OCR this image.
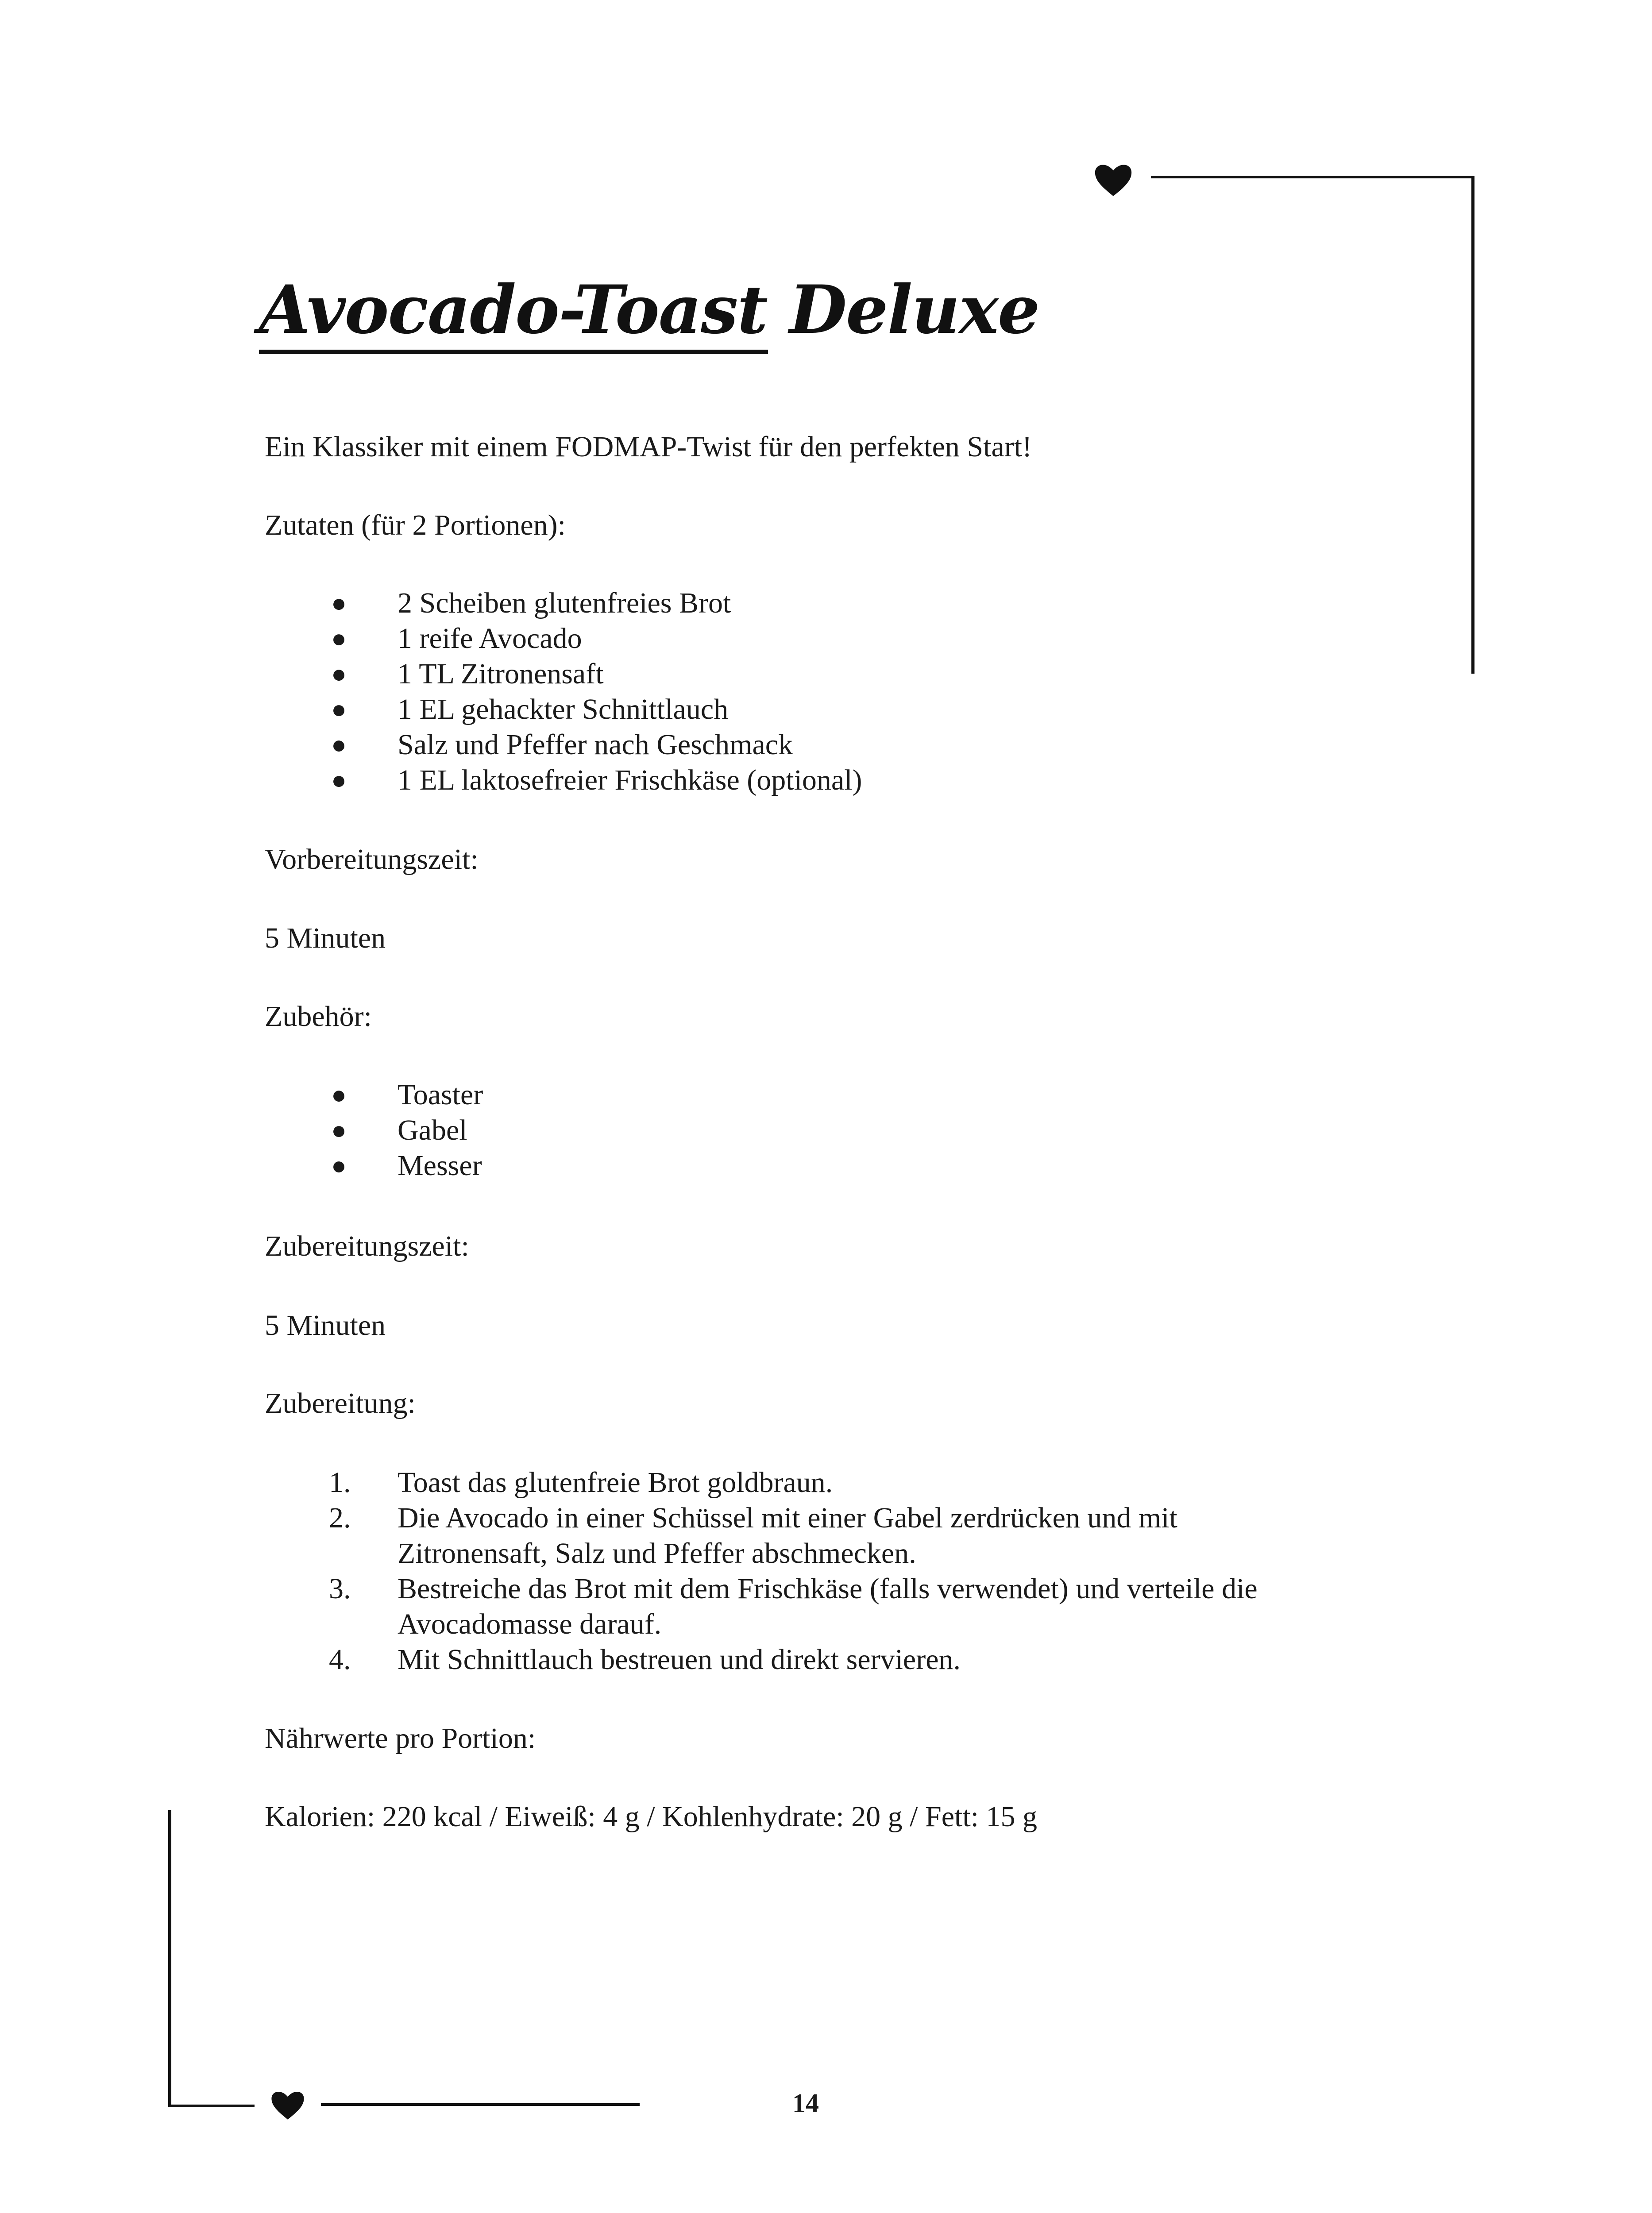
Avocado-Toast Deluxe
Ein Klassiker mit einem FODMAP-Twist für den perfekten Start!
Zutaten (für 2 Portionen):
●	2 Scheiben glutenfreies Brot
●	1 reife Avocado
●	1 TL Zitronensaft
●	1 EL gehackter Schnittlauch
●	Salz und Pfeffer nach Geschmack
●	1 EL laktosefreier Frischkäse (optional)
Vorbereitungszeit:
5 Minuten
Zubehör:
●	Toaster
●	Gabel
●	Messer
Zubereitungszeit:
5 Minuten
Zubereitung:
1.	Toast das glutenfreie Brot goldbraun.
2.	Die Avocado in einer Schüssel mit einer Gabel zerdrücken und mit
Zitronensaft, Salz und Pfeffer abschmecken.
3.	Bestreiche das Brot mit dem Frischkäse (falls verwendet) und verteile die
Avocadomasse darauf.
4.	Mit Schnittlauch bestreuen und direkt servieren.
Nährwerte pro Portion:
Kalorien: 220 kcal / Eiweiß: 4 g / Kohlenhydrate: 20 g / Fett: 15 g
14
